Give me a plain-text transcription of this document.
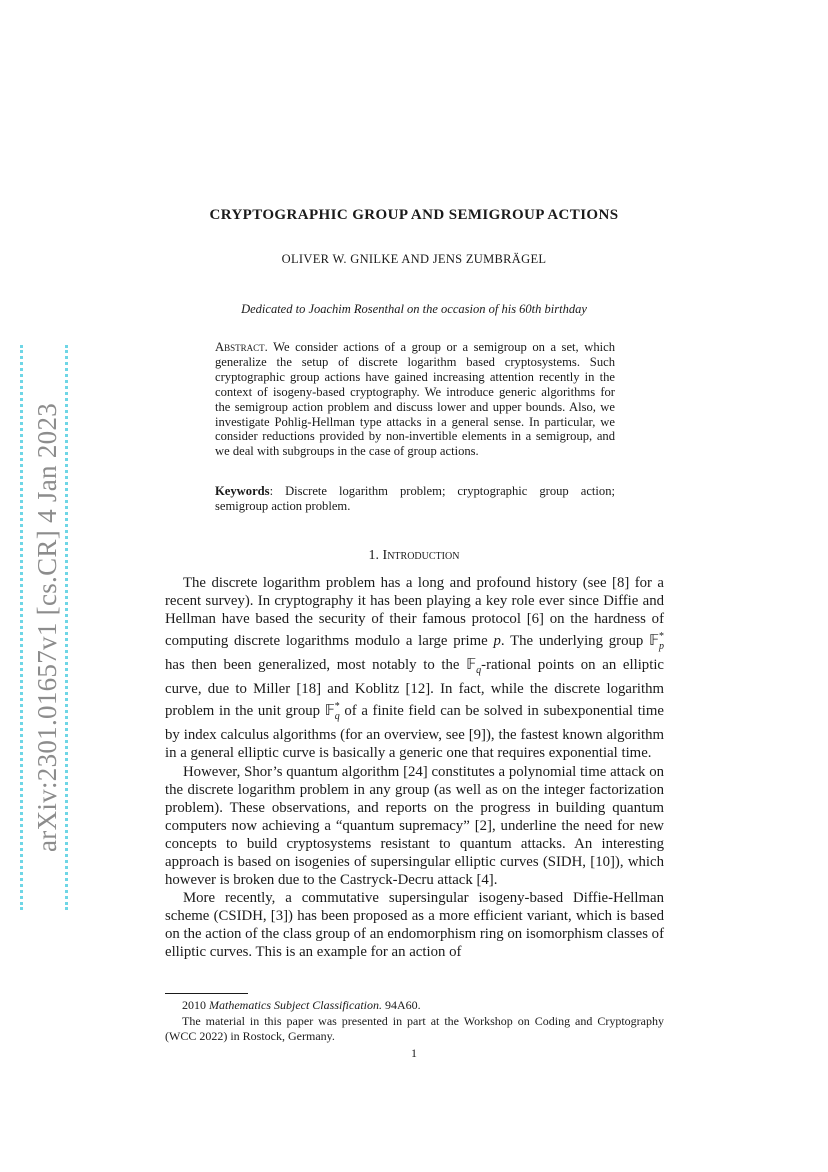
arXiv:2301.01657v1 [cs.CR] 4 Jan 2023
CRYPTOGRAPHIC GROUP AND SEMIGROUP ACTIONS
OLIVER W. GNILKE AND JENS ZUMBRÄGEL
Dedicated to Joachim Rosenthal on the occasion of his 60th birthday
Abstract. We consider actions of a group or a semigroup on a set, which generalize the setup of discrete logarithm based cryptosystems. Such cryptographic group actions have gained increasing attention recently in the context of isogeny-based cryptography. We introduce generic algorithms for the semigroup action problem and discuss lower and upper bounds. Also, we investigate Pohlig-Hellman type attacks in a general sense. In particular, we consider reductions provided by non-invertible elements in a semigroup, and we deal with subgroups in the case of group actions.
Keywords: Discrete logarithm problem; cryptographic group action; semigroup action problem.
1. Introduction

The discrete logarithm problem has a long and profound history (see [8] for a recent survey). In cryptography it has been playing a key role ever since Diffie and Hellman have based the security of their famous protocol [6] on the hardness of computing discrete logarithms modulo a large prime p. The underlying group 𝔽*$_p$ has then been generalized, most notably to the 𝔽$_q$-rational points on an elliptic curve, due to Miller [18] and Koblitz [12]. In fact, while the discrete logarithm problem in the unit group 𝔽*$_q$ of a finite field can be solved in subexponential time by index calculus algorithms (for an overview, see [9]), the fastest known algorithm in a general elliptic curve is basically a generic one that requires exponential time.

However, Shor’s quantum algorithm [24] constitutes a polynomial time attack on the discrete logarithm problem in any group (as well as on the integer factorization problem). These observations, and reports on the progress in building quantum computers now achieving a “quantum supremacy” [2], underline the need for new concepts to build cryptosystems resistant to quantum attacks. An interesting approach is based on isogenies of supersingular elliptic curves (SIDH, [10]), which however is broken due to the Castryck-Decru attack [4].

More recently, a commutative supersingular isogeny-based Diffie-Hellman scheme (CSIDH, [3]) has been proposed as a more efficient variant, which is based on the action of the class group of an endomorphism ring on isomorphism classes of elliptic curves. This is an example for an action of

2010 Mathematics Subject Classification. 94A60.

The material in this paper was presented in part at the Workshop on Coding and Cryptography (WCC 2022) in Rostock, Germany.

1
